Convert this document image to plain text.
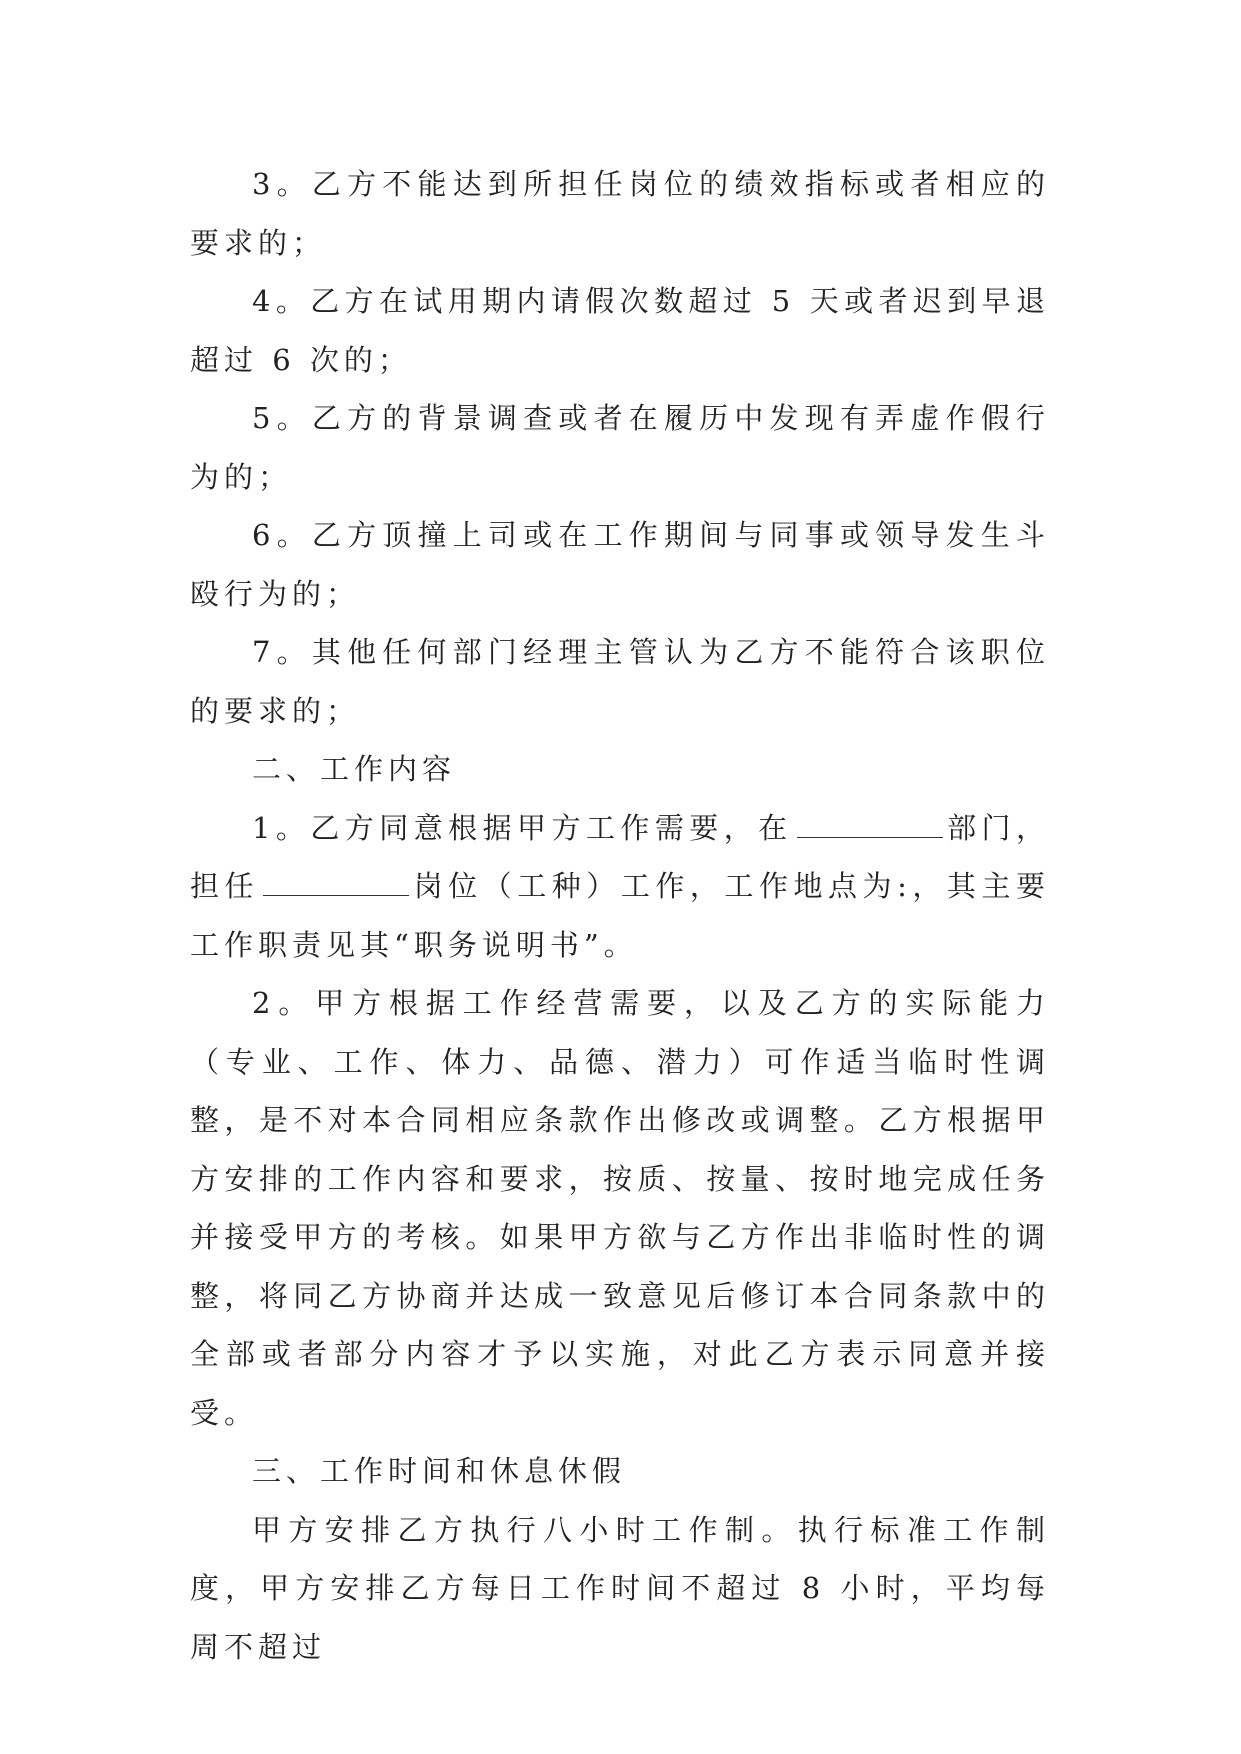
3。乙方不能达到所担任岗位的绩效指标或者相应的要求的；

4。乙方在试用期内请假次数超过 5 天或者迟到早退超过 6 次的；

5。乙方的背景调查或者在履历中发现有弄虚作假行为的；

6。乙方顶撞上司或在工作期间与同事或领导发生斗殴行为的；

7。其他任何部门经理主管认为乙方不能符合该职位的要求的；

二、工作内容

1。乙方同意根据甲方工作需要，在	部门，担任	岗位（工种）工作，工作地点为:，其主要工作职责见其“职务说明书”。

2。甲方根据工作经营需要，以及乙方的实际能力（专业、工作、体力、品德、潜力）可作适当临时性调整，是不对本合同相应条款作出修改或调整。乙方根据甲方安排的工作内容和要求，按质、按量、按时地完成任务并接受甲方的考核。如果甲方欲与乙方作出非临时性的调整，将同乙方协商并达成一致意见后修订本合同条款中的全部或者部分内容才予以实施，对此乙方表示同意并接受。

三、工作时间和休息休假

甲方安排乙方执行八小时工作制。执行标准工作制度，甲方安排乙方每日工作时间不超过 8 小时，平均每周不超过
